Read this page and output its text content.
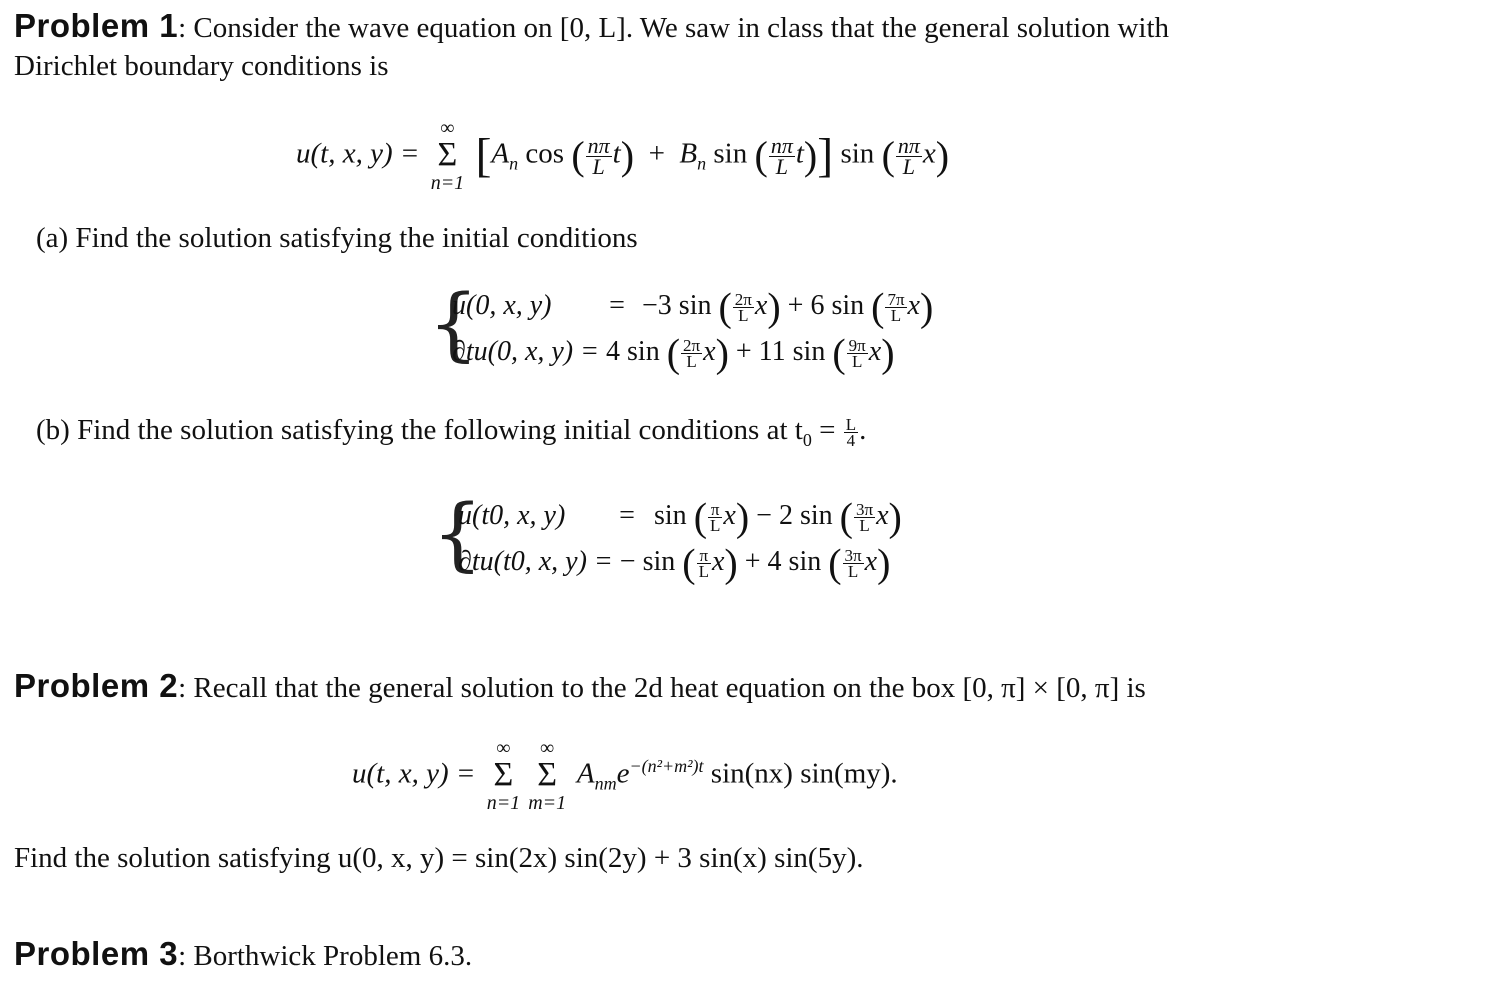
Problem 1: Consider the wave equation on [0, L]. We saw in class that the general solution with
Dirichlet boundary conditions is
u(t, x, y) =
∞
Σ
n=1
[$A_n$ cos ( $\frac{n\pi}{L} t) + B_n$ sin ( $\frac{n\pi}{L} t$)] sin ( $\frac{n\pi}{L} x$)
(a) Find the solution satisfying the initial conditions
{
u(0, x, y) = −3 sin ( $\frac{2\pi}{L} x) + 6$ sin ( $\frac{7\pi}{L} x$)
∂tu(0, x, y) = 4 sin ( $\frac{2\pi}{L} x) + 11$ sin ( $\frac{9\pi}{L} x$)
(b) Find the solution satisfying the following initial conditions at $t_0 = \frac{L}{4}$ .
{
u(t0, x, y) = sin ( $\frac{\pi}{L} x) - 2$ sin ( $\frac{3\pi}{L} x$)
∂tu(t0, x, y) = − sin ( $\frac{\pi}{L} x) + 4$ sin ( $\frac{3\pi}{L} x$)
Problem 2: Recall that the general solution to the 2d heat equation on the box [0, π] × [0, π] is
u(t, x, y) =
∞
Σ
n=1
∞
Σ
m=1
$A_{nm}e^{-(n^2+m^2)t}$ sin(nx) sin(my).
Find the solution satisfying u(0, x, y) = sin(2x) sin(2y) + 3 sin(x) sin(5y).
Problem 3: Borthwick Problem 6.3.
